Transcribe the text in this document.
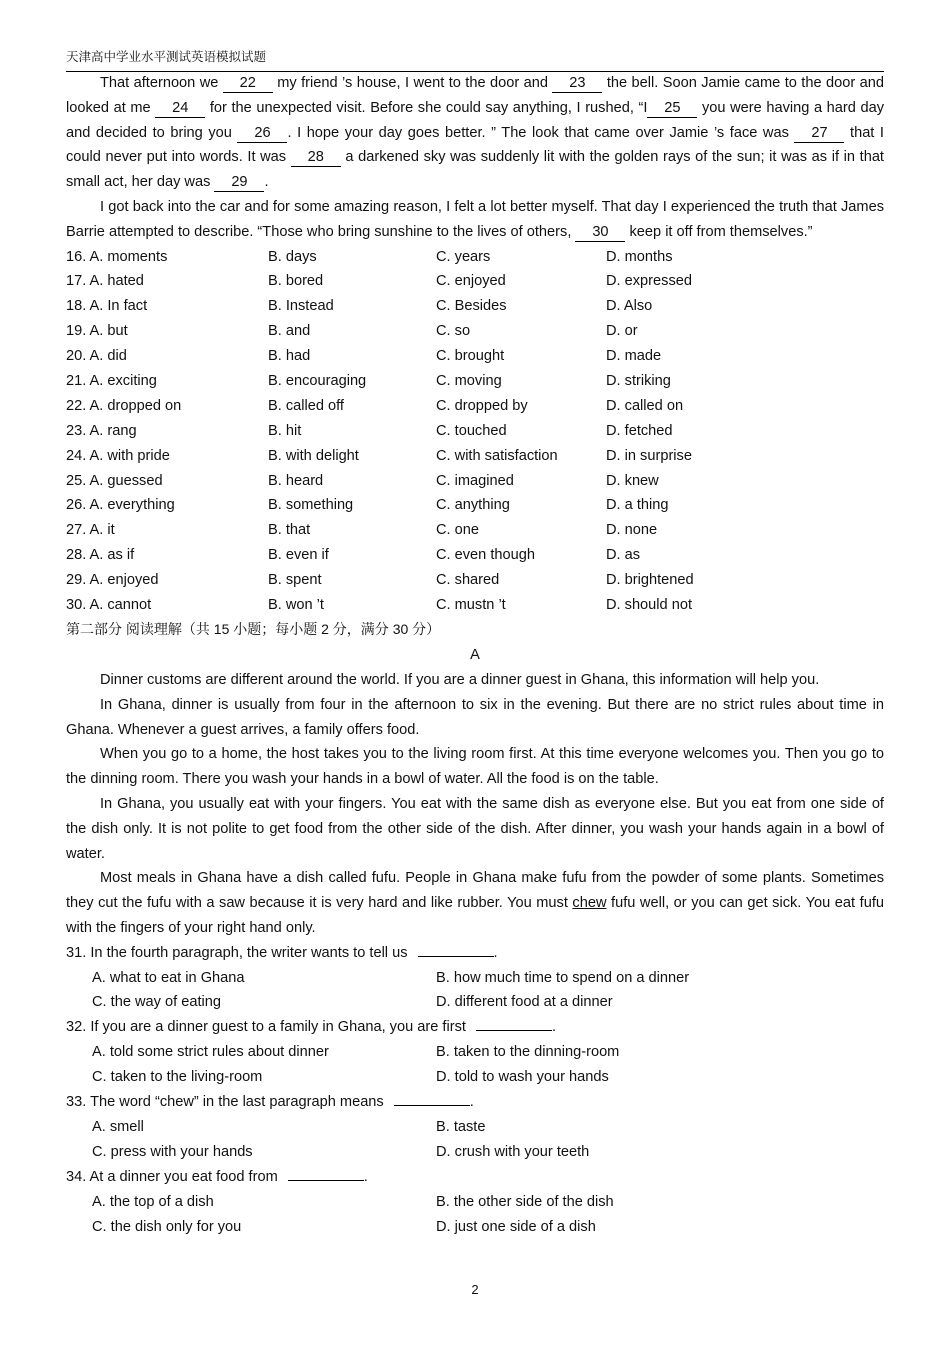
天津高中学业水平测试英语模拟试题

That afternoon we 22 my friend ’s house, I went to the door and 23 the bell. Soon Jamie came to the door and looked at me 24 for the unexpected visit. Before she could say anything, I rushed, “I 25 you were having a hard day and decided to bring you 26 . I hope your day goes better. ” The look that came over Jamie ’s face was 27 that I could never put into words. It was 28 a darkened sky was suddenly lit with the golden rays of the sun; it was as if in that small act, her day was 29 .

I got back into the car and for some amazing reason, I felt a lot better myself. That day I experienced the truth that James Barrie attempted to describe. “Those who bring sunshine to the lives of others, 30 keep it off from themselves.”

16. A. moments	B. days	C. years	D. months
17. A. hated	B. bored	C. enjoyed	D. expressed
18. A. In fact	B. Instead	C. Besides	D. Also
19. A. but	B. and	C. so	D. or
20. A. did	B. had	C. brought	D. made
21. A. exciting	B. encouraging	C. moving	D. striking
22. A. dropped on	B. called off	C. dropped by	D. called on
23. A. rang	B. hit	C. touched	D. fetched
24. A. with pride	B. with delight	C. with satisfaction	D. in surprise
25. A. guessed	B. heard	C. imagined	D. knew
26. A. everything	B. something	C. anything	D. a thing
27. A. it	B. that	C. one	D. none
28. A. as if	B. even if	C. even though	D. as
29. A. enjoyed	B. spent	C. shared	D. brightened
30. A. cannot	B. won ’t	C. mustn ’t	D. should not
第二部分 阅读理解（共 15 小题；每小题 2 分，满分 30 分）
A

Dinner customs are different around the world. If you are a dinner guest in Ghana, this information will help you.

In Ghana, dinner is usually from four in the afternoon to six in the evening. But there are no strict rules about time in Ghana. Whenever a guest arrives, a family offers food.

When you go to a home, the host takes you to the living room first. At this time everyone welcomes you. Then you go to the dinning room. There you wash your hands in a bowl of water. All the food is on the table.

In Ghana, you usually eat with your fingers. You eat with the same dish as everyone else. But you eat from one side of the dish only. It is not polite to get food from the other side of the dish. After dinner, you wash your hands again in a bowl of water.

Most meals in Ghana have a dish called fufu. People in Ghana make fufu from the powder of some plants. Sometimes they cut the fufu with a saw because it is very hard and like rubber. You must chew fufu well, or you can get sick. You eat fufu with the fingers of your right hand only.

31. In the fourth paragraph, the writer wants to tell us	.
A. what to eat in Ghana	B. how much time to spend on a dinner
C. the way of eating	D. different food at a dinner
32. If you are a dinner guest to a family in Ghana, you are first	.
A. told some strict rules about dinner	B. taken to the dinning-room
C. taken to the living-room	D. told to wash your hands
33. The word “chew” in the last paragraph means	.
A. smell	B. taste
C. press with your hands	D. crush with your teeth
34. At a dinner you eat food from	.
A. the top of a dish	B. the other side of the dish
C. the dish only for you	D. just one side of a dish
2
